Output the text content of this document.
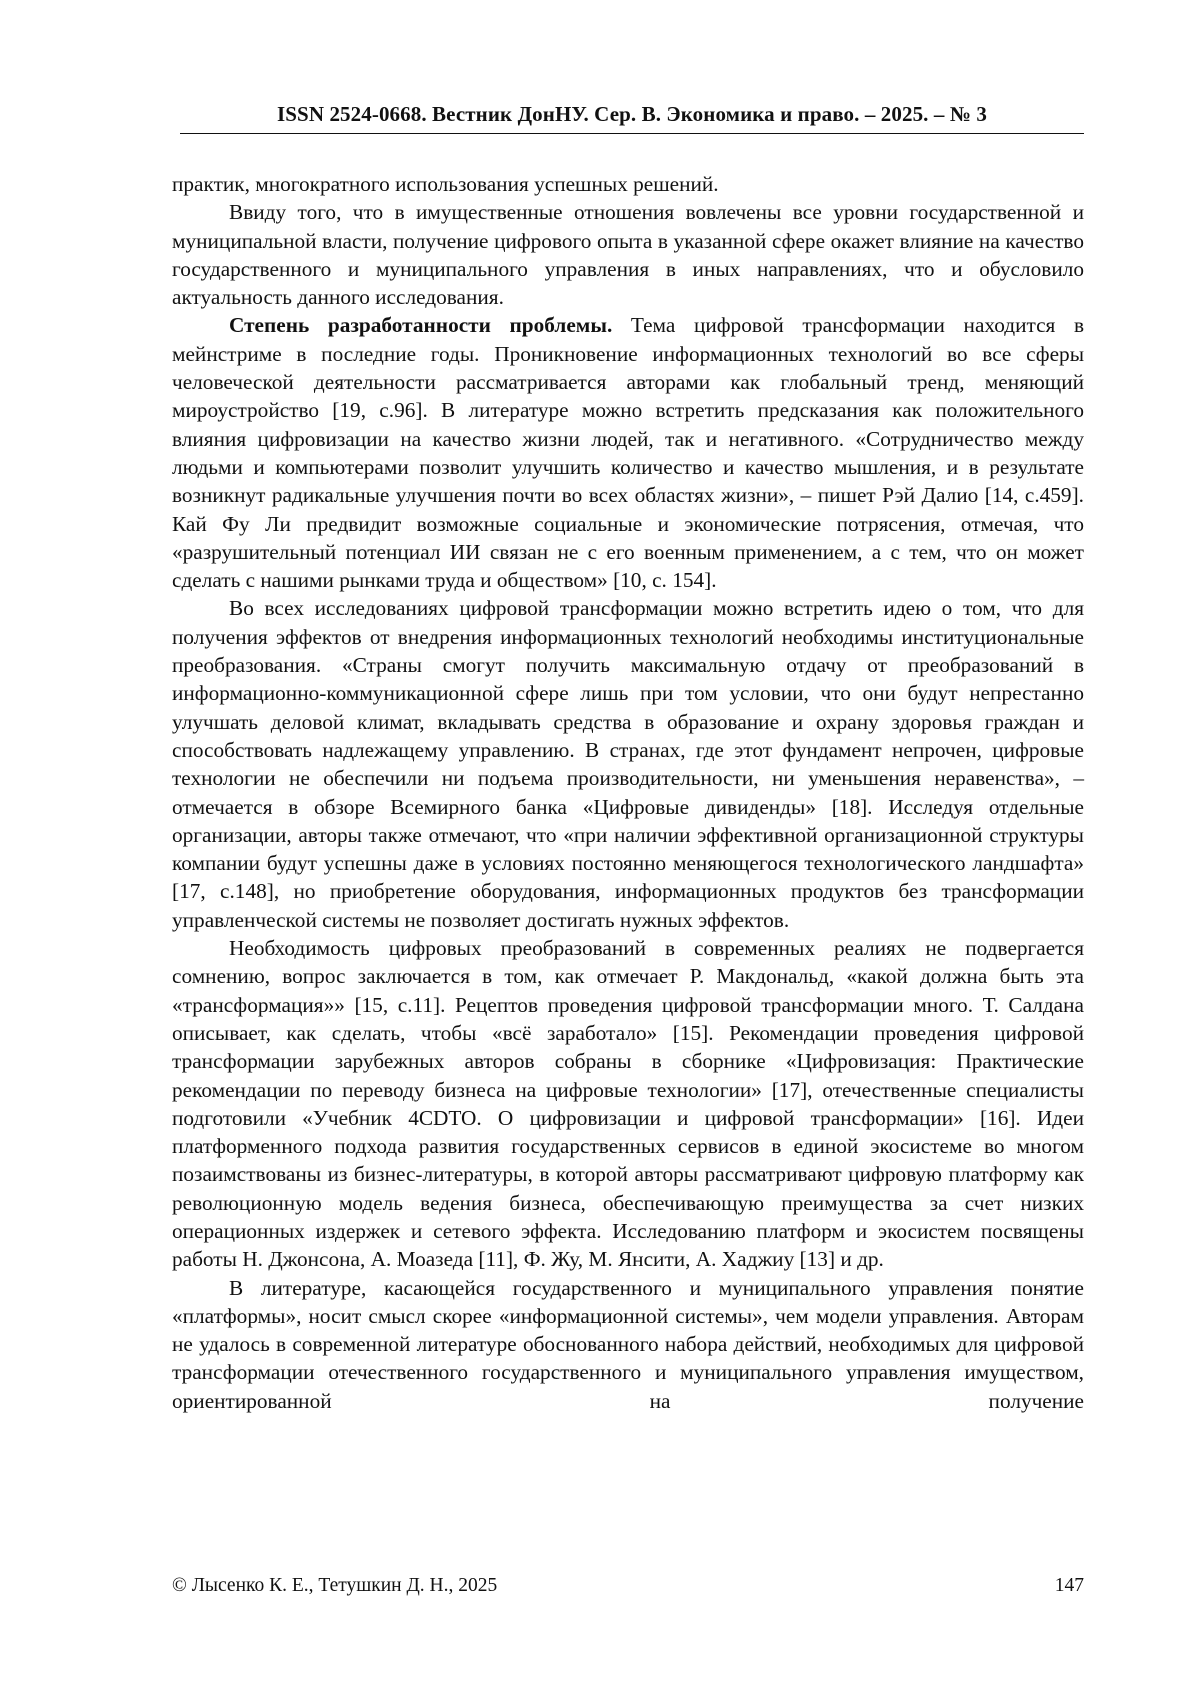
ISSN 2524-0668. Вестник ДонНУ. Сер. В. Экономика и право. – 2025. – № 3

практик, многократного использования успешных решений.

Ввиду того, что в имущественные отношения вовлечены все уровни государственной и муниципальной власти, получение цифрового опыта в указанной сфере окажет влияние на качество государственного и муниципального управления в иных направлениях, что и обусловило актуальность данного исследования.

Степень разработанности проблемы. Тема цифровой трансформации находится в мейнстриме в последние годы. Проникновение информационных технологий во все сферы человеческой деятельности рассматривается авторами как глобальный тренд, меняющий мироустройство [19, с.96]. В литературе можно встретить предсказания как положительного влияния цифровизации на качество жизни людей, так и негативного. «Сотрудничество между людьми и компьютерами позволит улучшить количество и качество мышления, и в результате возникнут радикальные улучшения почти во всех областях жизни», – пишет Рэй Далио [14, с.459]. Кай Фу Ли предвидит возможные социальные и экономические потрясения, отмечая, что «разрушительный потенциал ИИ связан не с его военным применением, а с тем, что он может сделать с нашими рынками труда и обществом» [10, с. 154].

Во всех исследованиях цифровой трансформации можно встретить идею о том, что для получения эффектов от внедрения информационных технологий необходимы институциональные преобразования. «Страны смогут получить максимальную отдачу от преобразований в информационно-коммуникационной сфере лишь при том условии, что они будут непрестанно улучшать деловой климат, вкладывать средства в образование и охрану здоровья граждан и способствовать надлежащему управлению. В странах, где этот фундамент непрочен, цифровые технологии не обеспечили ни подъема производительности, ни уменьшения неравенства», – отмечается в обзоре Всемирного банка «Цифровые дивиденды» [18]. Исследуя отдельные организации, авторы также отмечают, что «при наличии эффективной организационной структуры компании будут успешны даже в условиях постоянно меняющегося технологического ландшафта» [17, с.148], но приобретение оборудования, информационных продуктов без трансформации управленческой системы не позволяет достигать нужных эффектов.

Необходимость цифровых преобразований в современных реалиях не подвергается сомнению, вопрос заключается в том, как отмечает Р. Макдональд, «какой должна быть эта «трансформация»» [15, с.11]. Рецептов проведения цифровой трансформации много. Т. Салдана описывает, как сделать, чтобы «всё заработало» [15]. Рекомендации проведения цифровой трансформации зарубежных авторов собраны в сборнике «Цифровизация: Практические рекомендации по переводу бизнеса на цифровые технологии» [17], отечественные специалисты подготовили «Учебник 4CDTO. О цифровизации и цифровой трансформации» [16]. Идеи платформенного подхода развития государственных сервисов в единой экосистеме во многом позаимствованы из бизнес-литературы, в которой авторы рассматривают цифровую платформу как революционную модель ведения бизнеса, обеспечивающую преимущества за счет низких операционных издержек и сетевого эффекта. Исследованию платформ и экосистем посвящены работы Н. Джонсона, А. Моазеда [11], Ф. Жу, М. Янсити, А. Хаджиу [13] и др.

В литературе, касающейся государственного и муниципального управления понятие «платформы», носит смысл скорее «информационной системы», чем модели управления. Авторам не удалось в современной литературе обоснованного набора действий, необходимых для цифровой трансформации отечественного государственного и муниципального управления имуществом, ориентированной на получение

© Лысенко К. Е., Тетушкин Д. Н., 2025	147
